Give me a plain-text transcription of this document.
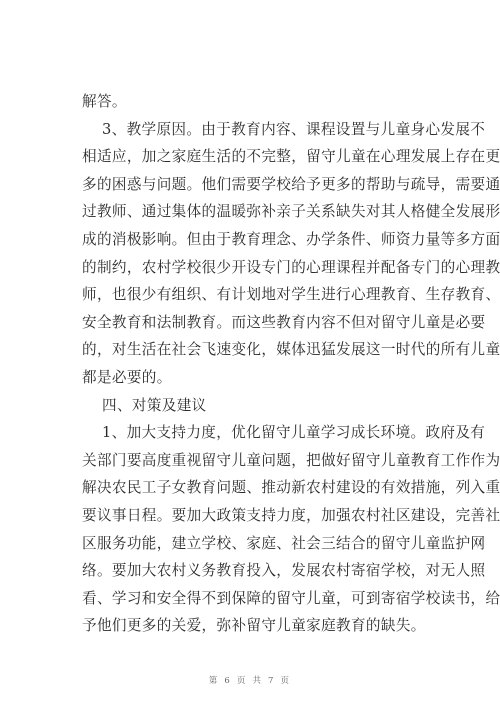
解答。
3、教学原因。由于教育内容、课程设置与儿童身心发展不
相适应，加之家庭生活的不完整，留守儿童在心理发展上存在更
多的困惑与问题。他们需要学校给予更多的帮助与疏导，需要通
过教师、通过集体的温暖弥补亲子关系缺失对其人格健全发展形
成的消极影响。但由于教育理念、办学条件、师资力量等多方面
的制约，农村学校很少开设专门的心理课程并配备专门的心理教
师，也很少有组织、有计划地对学生进行心理教育、生存教育、
安全教育和法制教育。而这些教育内容不但对留守儿童是必要
的，对生活在社会飞速变化，媒体迅猛发展这一时代的所有儿童
都是必要的。
四、对策及建议
1、加大支持力度，优化留守儿童学习成长环境。政府及有
关部门要高度重视留守儿童问题，把做好留守儿童教育工作作为
解决农民工子女教育问题、推动新农村建设的有效措施，列入重
要议事日程。要加大政策支持力度，加强农村社区建设，完善社
区服务功能，建立学校、家庭、社会三结合的留守儿童监护网
络。要加大农村义务教育投入，发展农村寄宿学校，对无人照
看、学习和安全得不到保障的留守儿童，可到寄宿学校读书，给
予他们更多的关爱，弥补留守儿童家庭教育的缺失。
第 6 页 共 7 页
